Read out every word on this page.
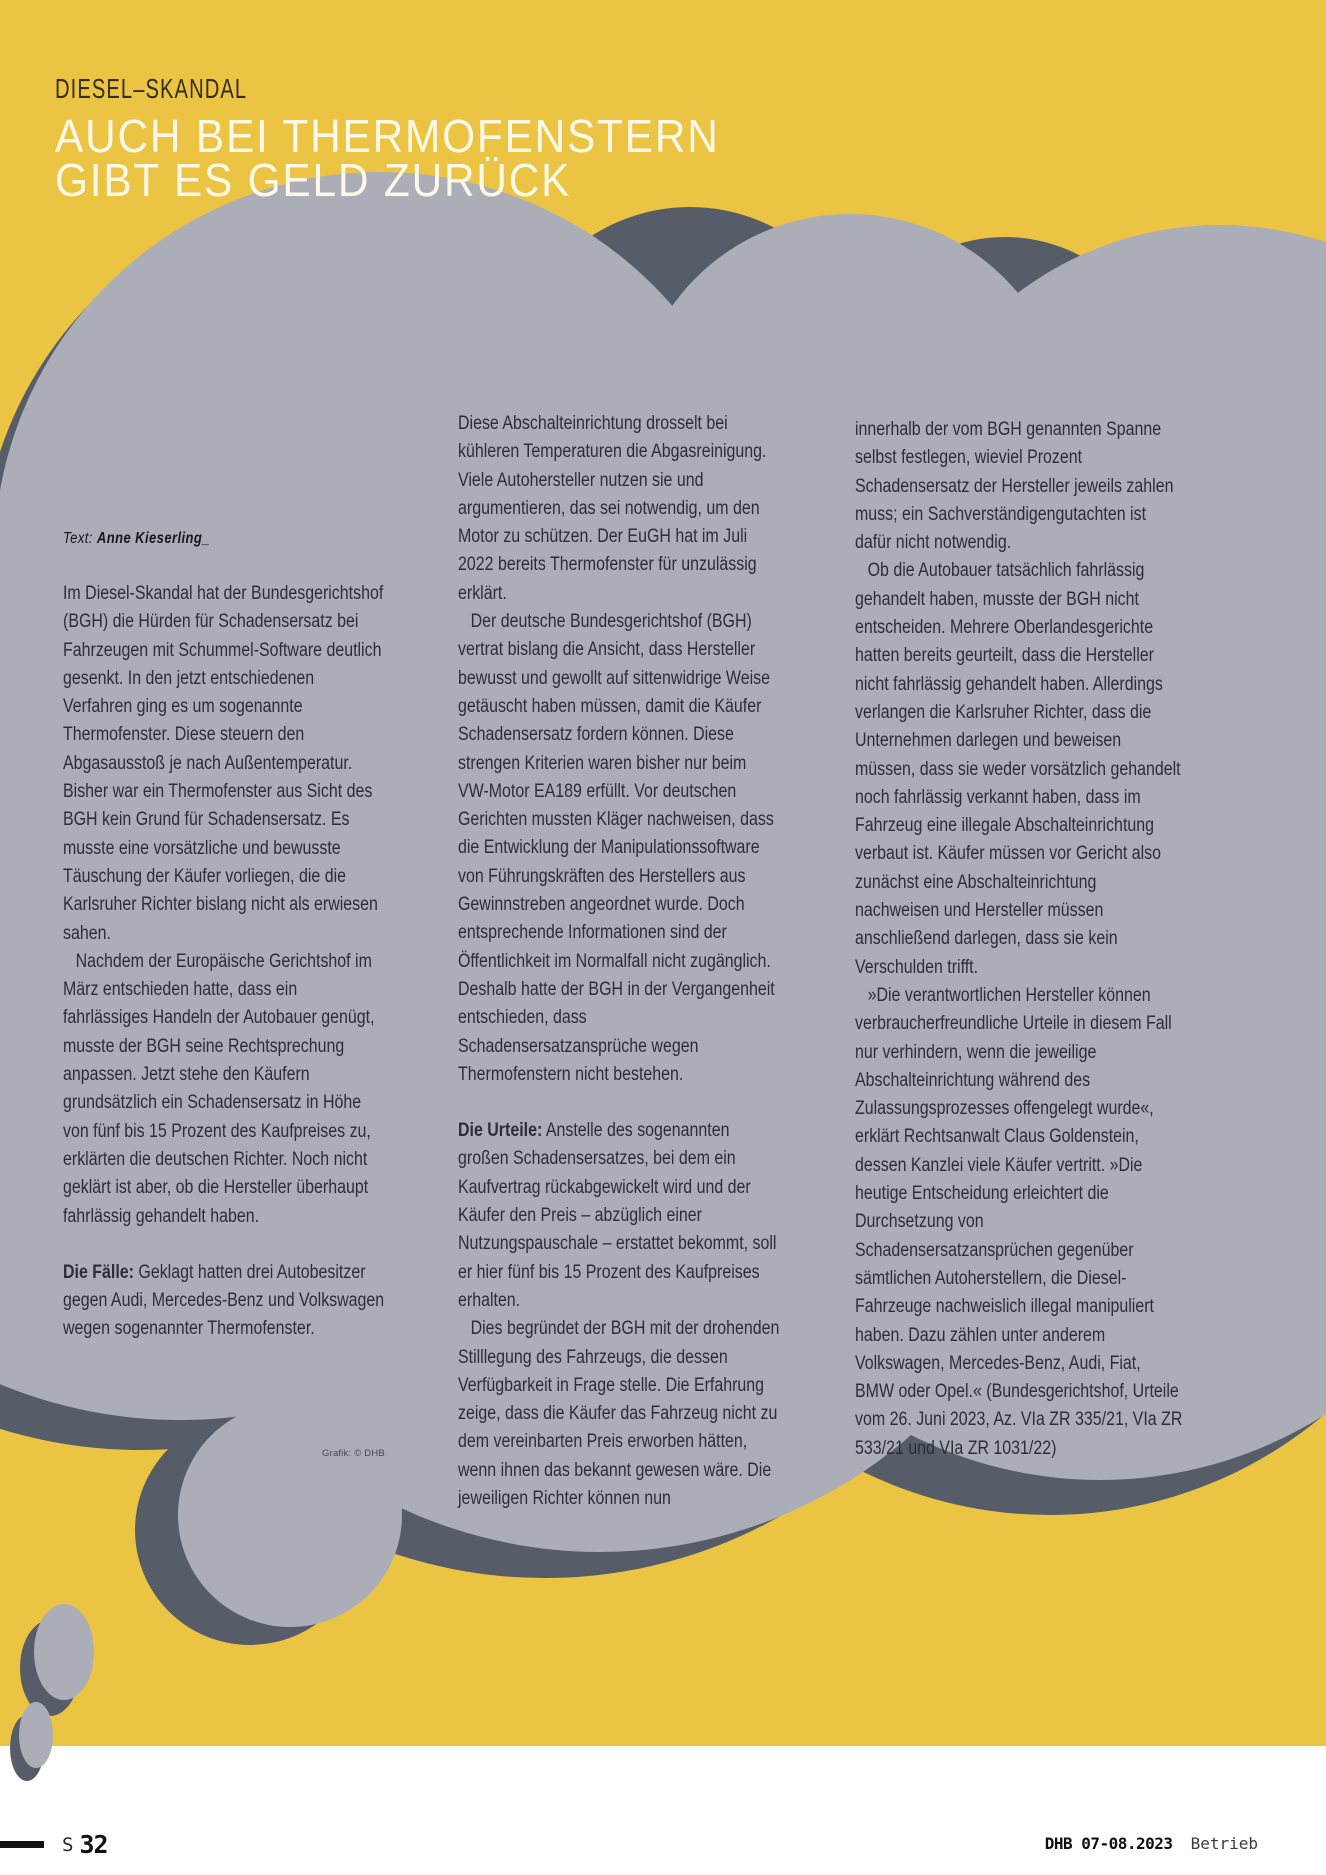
DIESEL–SKANDAL
AUCH BEI THERMOFENSTERN
GIBT ES GELD ZURÜCK
Text: Anne Kieserling_

Im Diesel-Skandal hat der Bundesgerichtshof (BGH) die Hürden für Schadensersatz bei Fahrzeugen mit Schummel-Software deutlich gesenkt. In den jetzt entschiedenen Verfahren ging es um sogenannte Thermofenster. Diese steuern den Abgasausstoß je nach Außentemperatur. Bisher war ein Thermofenster aus Sicht des BGH kein Grund für Schadensersatz. Es musste eine vorsätzliche und bewusste Täuschung der Käufer vorliegen, die die Karlsruher Richter bislang nicht als erwiesen sahen.

Nachdem der Europäische Gerichtshof im März entschieden hatte, dass ein fahrlässiges Handeln der Autobauer genügt, musste der BGH seine Rechtsprechung anpassen. Jetzt stehe den Käufern grundsätzlich ein Schadensersatz in Höhe von fünf bis 15 Prozent des Kaufpreises zu, erklärten die deutschen Richter. Noch nicht geklärt ist aber, ob die Hersteller überhaupt fahrlässig gehandelt haben.

Die Fälle: Geklagt hatten drei Autobesitzer gegen Audi, Mercedes-Benz und Volkswagen wegen sogenannter Thermofenster.

Diese Abschalteinrichtung drosselt bei kühleren Temperaturen die Abgasreinigung. Viele Autohersteller nutzen sie und argumentieren, das sei notwendig, um den Motor zu schützen. Der EuGH hat im Juli 2022 bereits Thermofenster für unzulässig erklärt.

Der deutsche Bundesgerichtshof (BGH) vertrat bislang die Ansicht, dass Hersteller bewusst und gewollt auf sittenwidrige Weise getäuscht haben müssen, damit die Käufer Schadensersatz fordern können. Diese strengen Kriterien waren bisher nur beim VW-Motor EA189 erfüllt. Vor deutschen Gerichten mussten Kläger nachweisen, dass die Entwicklung der Manipulationssoftware von Führungskräften des Herstellers aus Gewinnstreben angeordnet wurde. Doch entsprechende Informationen sind der Öffentlichkeit im Normalfall nicht zugänglich. Deshalb hatte der BGH in der Vergangenheit entschieden, dass Schadensersatzansprüche wegen Thermofenstern nicht bestehen.

Die Urteile: Anstelle des sogenannten großen Schadensersatzes, bei dem ein Kaufvertrag rückabgewickelt wird und der Käufer den Preis – abzüglich einer Nutzungspauschale – erstattet bekommt, soll er hier fünf bis 15 Prozent des Kaufpreises erhalten.

Dies begründet der BGH mit der drohenden Stilllegung des Fahrzeugs, die dessen Verfügbarkeit in Frage stelle. Die Erfahrung zeige, dass die Käufer das Fahrzeug nicht zu dem vereinbarten Preis erworben hätten, wenn ihnen das bekannt gewesen wäre. Die jeweiligen Richter können nun

innerhalb der vom BGH genannten Spanne selbst festlegen, wieviel Prozent Schadensersatz der Hersteller jeweils zahlen muss; ein Sachverständigengutachten ist dafür nicht notwendig.

Ob die Autobauer tatsächlich fahrlässig gehandelt haben, musste der BGH nicht entscheiden. Mehrere Oberlandesgerichte hatten bereits geurteilt, dass die Hersteller nicht fahrlässig gehandelt haben. Allerdings verlangen die Karlsruher Richter, dass die Unternehmen darlegen und beweisen müssen, dass sie weder vorsätzlich gehandelt noch fahrlässig verkannt haben, dass im Fahrzeug eine illegale Abschalteinrichtung verbaut ist. Käufer müssen vor Gericht also zunächst eine Abschalteinrichtung nachweisen und Hersteller müssen anschließend darlegen, dass sie kein Verschulden trifft.

»Die verantwortlichen Hersteller können verbraucherfreundliche Urteile in diesem Fall nur verhindern, wenn die jeweilige Abschalteinrichtung während des Zulassungsprozesses offengelegt wurde«, erklärt Rechtsanwalt Claus Goldenstein, dessen Kanzlei viele Käufer vertritt. »Die heutige Entscheidung erleichtert die Durchsetzung von Schadensersatzansprüchen gegenüber sämtlichen Autoherstellern, die Diesel-Fahrzeuge nachweislich illegal manipuliert haben. Dazu zählen unter anderem Volkswagen, Mercedes-Benz, Audi, Fiat, BMW oder Opel.« (Bundesgerichtshof, Urteile vom 26. Juni 2023, Az. VIa ZR 335/21, VIa ZR 533/21 und VIa ZR 1031/22)

Grafik: © DHB
S 32	DHB 07-08.2023 Betrieb
